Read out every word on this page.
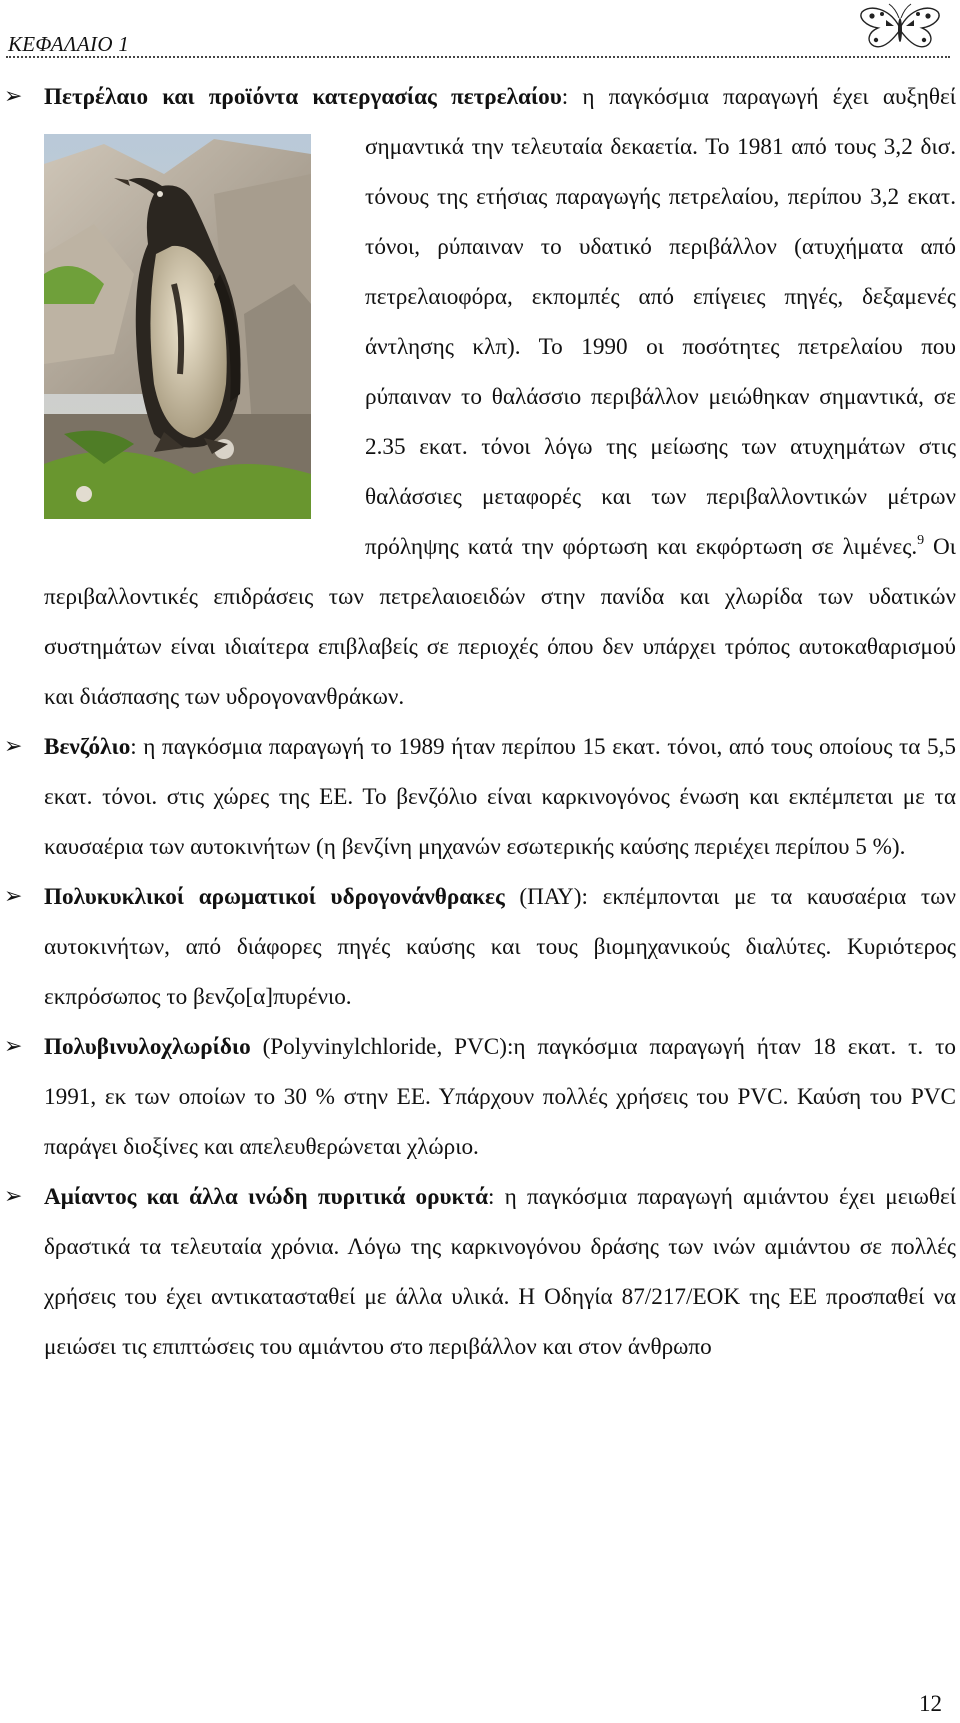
ΚΕΦΑΛΑΙΟ 1
➢ Πετρέλαιο και προϊόντα κατεργασίας πετρελαίου: η παγκόσμια παραγωγή έχει αυξηθεί σημαντικά την τελευταία δεκαετία. Το 1981 από τους 3,2 δισ.
τόνους της ετήσιας παραγωγής πετρελαίου, περίπου 3,2 εκατ. τόνοι, ρύπαιναν το υδατικό περιβάλλον (ατυχήματα από πετρελαιοφόρα, εκπομπές από επίγειες πηγές, δεξαμενές άντλησης κλπ). Το 1990 οι ποσότητες πετρελαίου που ρύπαιναν το θαλάσσιο περιβάλλον μειώθηκαν σημαντικά, σε 2.35 εκατ. τόνοι λόγω της μείωσης των ατυχημάτων στις θαλάσσιες μεταφορές και των περιβαλλοντικών μέτρων πρόληψης κατά την φόρτωση και εκφόρτωση σε λιμένες.$^9$ Οι περιβαλλοντικές επιδράσεις των πετρελαιοειδών στην πανίδα και χλωρίδα των υδατικών συστημάτων είναι ιδιαίτερα επιβλαβείς σε περιοχές όπου δεν υπάρχει τρόπος αυτοκαθαρισμού και διάσπασης των υδρογονανθράκων.
➢ Βενζόλιο: η παγκόσμια παραγωγή το 1989 ήταν περίπου 15 εκατ. τόνοι, από τους οποίους τα 5,5 εκατ. τόνοι. στις χώρες της ΕΕ. Το βενζόλιο είναι καρκινογόνος ένωση και εκπέμπεται με τα καυσαέρια των αυτοκινήτων (η βενζίνη μηχανών εσωτερικής καύσης περιέχει περίπου 5 %).
➢ Πολυκυκλικοί αρωματικοί υδρογονάνθρακες (ΠΑΥ): εκπέμπονται με τα καυσαέρια των αυτοκινήτων, από διάφορες πηγές καύσης και τους βιομηχανικούς διαλύτες. Κυριότερος εκπρόσωπος το βενζο[α]πυρένιο.
➢ Πολυβινυλοχλωρίδιο (Polyvinylchloride, PVC):η παγκόσμια παραγωγή ήταν 18 εκατ. τ. το 1991, εκ των οποίων το 30 % στην ΕΕ. Υπάρχουν πολλές χρήσεις του PVC. Καύση του PVC παράγει διοξίνες και απελευθερώνεται χλώριο.
➢ Αμίαντος και άλλα ινώδη πυριτικά ορυκτά: η παγκόσμια παραγωγή αμιάντου έχει μειωθεί δραστικά τα τελευταία χρόνια. Λόγω της καρκινογόνου δράσης των ινών αμιάντου σε πολλές χρήσεις του έχει αντικατασταθεί με άλλα υλικά. Η Οδηγία 87/217/ΕΟΚ της ΕΕ προσπαθεί να μειώσει τις επιπτώσεις του αμιάντου στο περιβάλλον και στον άνθρωπο
12
